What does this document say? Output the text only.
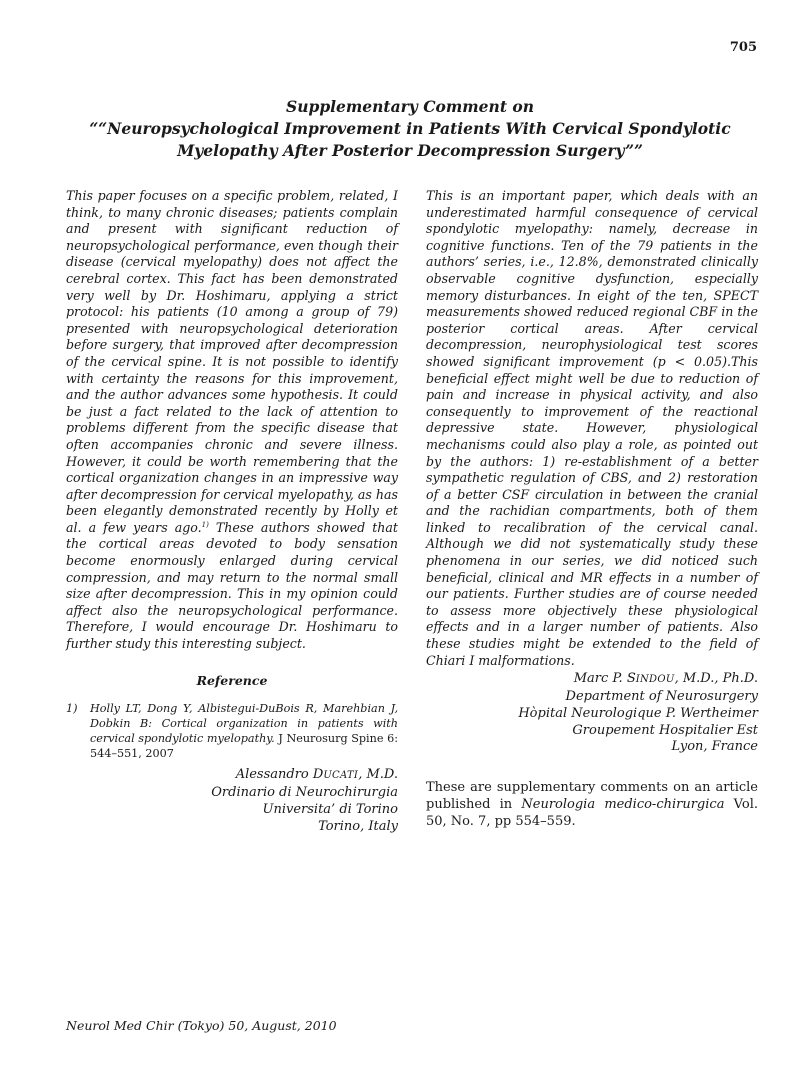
705
Supplementary Comment on
““Neuropsychological Improvement in Patients With Cervical Spondylotic
Myelopathy After Posterior Decompression Surgery””

This paper focuses on a specific problem, related, I think, to many chronic diseases; patients complain and present with significant reduction of neuropsychological performance, even though their disease (cervical myelopathy) does not affect the cerebral cortex. This fact has been demonstrated very well by Dr. Hoshimaru, applying a strict protocol: his patients (10 among a group of 79) presented with neuropsychological deterioration before surgery, that improved after decompression of the cervical spine. It is not possible to identify with certainty the reasons for this improvement, and the author advances some hypothesis. It could be just a fact related to the lack of attention to problems different from the specific disease that often accompanies chronic and severe illness. However, it could be worth remembering that the cortical organization changes in an impressive way after decompression for cervical myelopathy, as has been elegantly demonstrated recently by Holly et al. a few years ago.$^{1)}$ These authors showed that the cortical areas devoted to body sensation become enormously enlarged during cervical compression, and may return to the normal small size after decompression. This in my opinion could affect also the neuropsychological performance. Therefore, I would encourage Dr. Hoshimaru to further study this interesting subject.

Reference
1)	Holly LT, Dong Y, Albistegui-DuBois R, Marehbian J, Dobkin B: Cortical organization in patients with cervical spondylotic myelopathy. J Neurosurg Spine 6: 544–551, 2007
Alessandro DUCATI, M.D.
Ordinario di Neurochirurgia
Universita’ di Torino
Torino, Italy

This is an important paper, which deals with an underestimated harmful consequence of cervical spondylotic myelopathy: namely, decrease in cognitive functions. Ten of the 79 patients in the authors’ series, i.e., 12.8%, demonstrated clinically observable cognitive dysfunction, especially memory disturbances. In eight of the ten, SPECT measurements showed reduced regional CBF in the posterior cortical areas. After cervical decompression, neurophysiological test scores showed significant improvement (p < 0.05).This beneficial effect might well be due to reduction of pain and increase in physical activity, and also consequently to improvement of the reactional depressive state. However, physiological mechanisms could also play a role, as pointed out by the authors: 1) re-establishment of a better sympathetic regulation of CBS, and 2) restoration of a better CSF circulation in between the cranial and the rachidian compartments, both of them linked to recalibration of the cervical canal. Although we did not systematically study these phenomena in our series, we did noticed such beneficial, clinical and MR effects in a number of our patients. Further studies are of course needed to assess more objectively these physiological effects and in a larger number of patients. Also these studies might be extended to the field of Chiari I malformations.

Marc P. SINDOU, M.D., Ph.D.
Department of Neurosurgery
Hòpital Neurologique P. Wertheimer
Groupement Hospitalier Est
Lyon, France
These are supplementary comments on an article published in Neurologia medico-chirurgica Vol. 50, No. 7, pp 554–559.
Neurol Med Chir (Tokyo) 50, August, 2010
